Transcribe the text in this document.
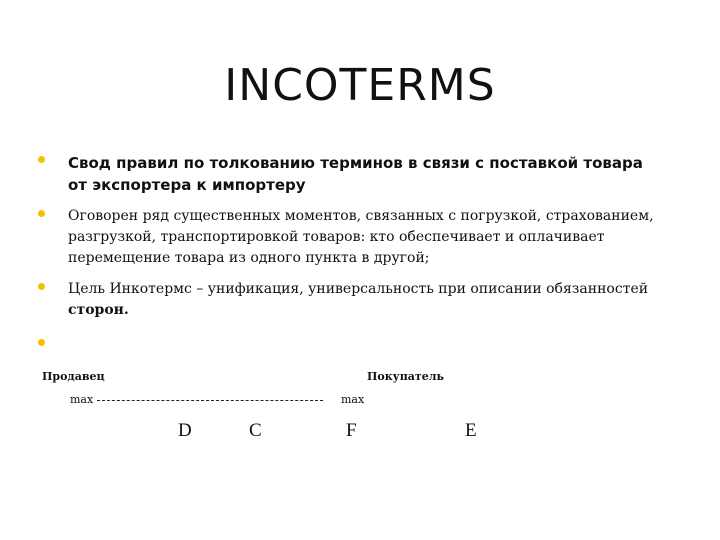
INCOTERMS
Свод правил по толкованию терминов в связи с поставкой товара от экспортера к импортеру
Оговорен ряд существенных моментов, связанных с погрузкой, страхованием, разгрузкой, транспортировкой товаров: кто обеспечивает и оплачивает перемещение товара из одного пункта в другой;
Цель Инкотермс – унификация, универсальность при описании обязанностей сторон.
Продавец	Покупатель
max	max
D	C	F	E
